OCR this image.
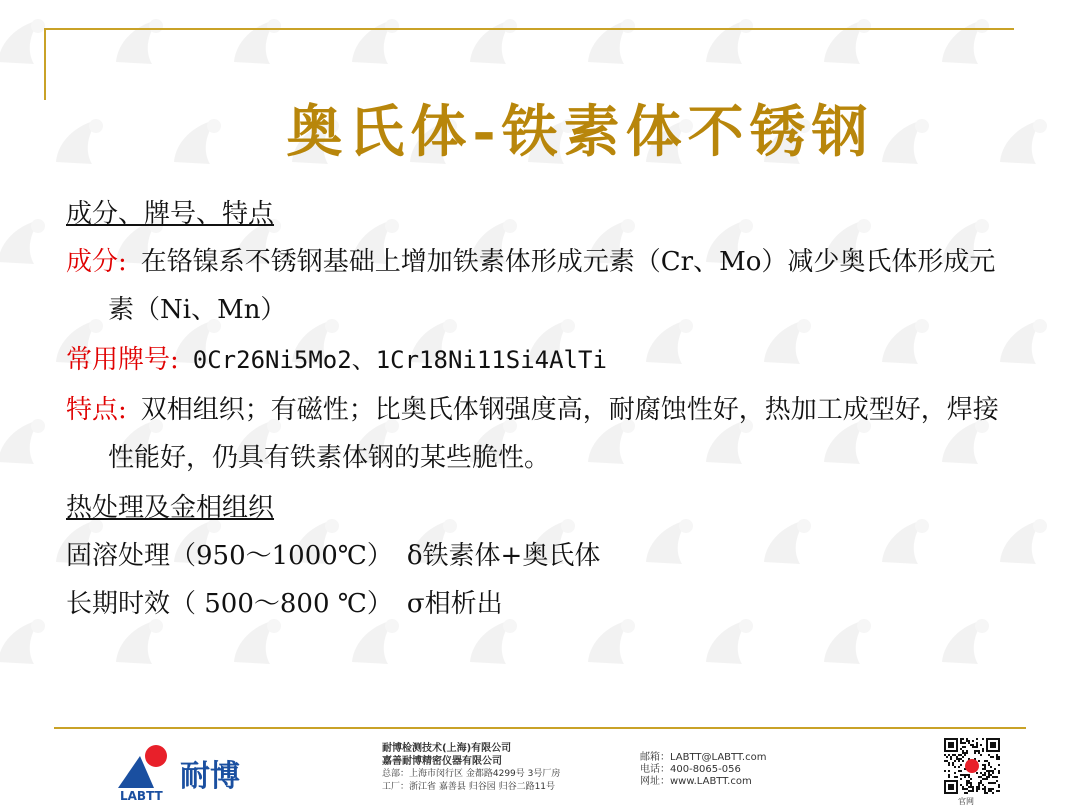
奥氏体-铁素体不锈钢

成分、牌号、特点

成分: 在铬镍系不锈钢基础上增加铁素体形成元素（Cr、Mo）减少奥氏体形成元素（Ni、Mn）

常用牌号: 0Cr26Ni5Mo2、1Cr18Ni11Si4AlTi

特点: 双相组织；有磁性；比奥氏体钢强度高，耐腐蚀性好，热加工成型好，焊接性能好，仍具有铁素体钢的某些脆性。

热处理及金相组织

固溶处理（950～1000℃） δ铁素体+奥氏体

长期时效（ 500～800 ℃） σ相析出

LABTT
耐博
耐博检测技术(上海)有限公司
嘉善耐博精密仪器有限公司
总部：上海市闵行区 金都路4299号 3号厂房
工厂：浙江省 嘉善县 归谷园 归谷二路11号
邮箱：LABTT@LABTT.com
电话：400-8065-056
网址：www.LABTT.com
官网
